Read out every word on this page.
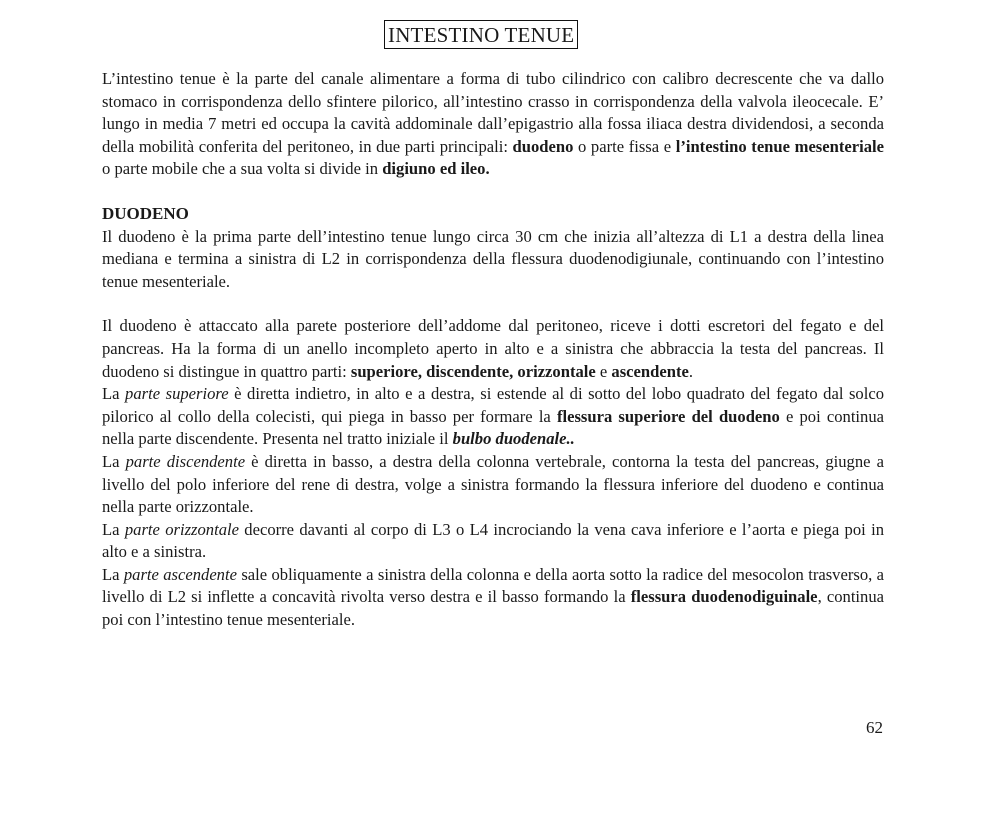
INTESTINO TENUE

L’intestino tenue è la parte del canale alimentare a forma di tubo cilindrico con calibro decrescente che va dallo stomaco in corrispondenza dello sfintere pilorico, all’intestino crasso in corrispondenza della valvola ileocecale. E’ lungo in media 7 metri ed occupa la cavità addominale dall’epigastrio alla fossa iliaca destra dividendosi, a seconda della mobilità conferita del peritoneo, in due parti principali: duodeno o parte fissa e l’intestino tenue mesenteriale o parte mobile che a sua volta si divide in digiuno ed ileo.

DUODENO

Il duodeno è la prima parte dell’intestino tenue lungo circa 30 cm che inizia all’altezza di L1 a destra della linea mediana e termina a sinistra di L2 in corrispondenza della flessura duodenodigiunale, continuando con l’intestino tenue mesenteriale.

Il duodeno è attaccato alla parete posteriore dell’addome dal peritoneo, riceve i dotti escretori del fegato e del pancreas. Ha la forma di un anello incompleto aperto in alto e a sinistra che abbraccia la testa del pancreas. Il duodeno si distingue in quattro parti: superiore, discendente, orizzontale e ascendente.

La parte superiore è diretta indietro, in alto e a destra, si estende al di sotto del lobo quadrato del fegato dal solco pilorico al collo della colecisti, qui piega in basso per formare la flessura superiore del duodeno e poi continua nella parte discendente. Presenta nel tratto iniziale il bulbo duodenale..

La parte discendente è diretta in basso, a destra della colonna vertebrale, contorna la testa del pancreas, giugne a livello del polo inferiore del rene di destra, volge a sinistra formando la flessura inferiore del duodeno e continua nella parte orizzontale.

La parte orizzontale decorre davanti al corpo di L3 o L4 incrociando la vena cava inferiore e l’aorta e piega poi in alto e a sinistra.

La parte ascendente sale obliquamente a sinistra della colonna e della aorta sotto la radice del mesocolon trasverso, a livello di L2 si inflette a concavità rivolta verso destra e il basso formando la flessura duodenodiguinale, continua poi con l’intestino tenue mesenteriale.

62
